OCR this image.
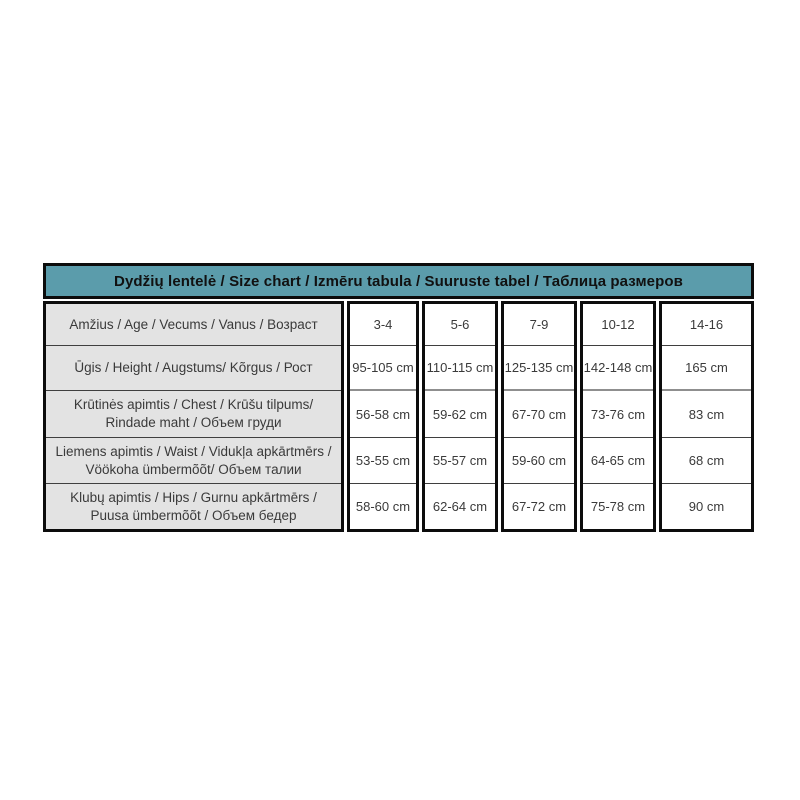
Dydžių lentelė / Size chart / Izmēru tabula / Suuruste tabel / Таблица размеров
Amžius / Age / Vecums / Vanus / Возраст
Ūgis / Height / Augstums/ Kõrgus / Рост
Krūtinės apimtis / Chest / Krūšu tilpums/ Rindade maht / Объем груди
Liemens apimtis / Waist / Vidukļa apkārtmērs / Vöökoha ümbermõõt/ Объем талии
Klubų apimtis / Hips / Gurnu apkārtmērs / Puusa ümbermõõt / Объем бедер
3-4
95-105 cm
56-58 cm
53-55 cm
58-60 cm
5-6
110-115 cm
59-62 cm
55-57 cm
62-64 cm
7-9
125-135 cm
67-70 cm
59-60 cm
67-72 cm
10-12
142-148 cm
73-76 cm
64-65 cm
75-78 cm
14-16
165 cm
83 cm
68 cm
90 cm
